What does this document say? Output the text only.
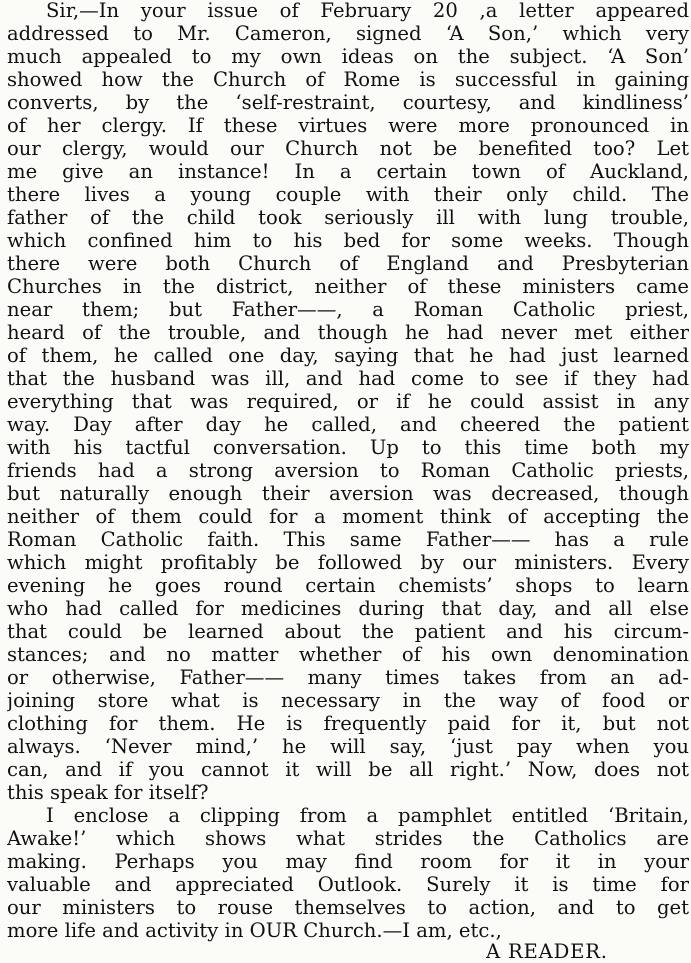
Sir,—In your issue of February 20 ,a letter appeared
addressed to Mr. Cameron, signed ‘A Son,’ which very
much appealed to my own ideas on the subject. ‘A Son’
showed how the Church of Rome is successful in gaining
converts, by the ‘self-restraint, courtesy, and kindliness’
of her clergy. If these virtues were more pronounced in
our clergy, would our Church not be benefited too? Let
me give an instance! In a certain town of Auckland,
there lives a young couple with their only child. The
father of the child took seriously ill with lung trouble,
which confined him to his bed for some weeks. Though
there were both Church of England and Presbyterian
Churches in the district, neither of these ministers came
near them; but Father——, a Roman Catholic priest,
heard of the trouble, and though he had never met either
of them, he called one day, saying that he had just learned
that the husband was ill, and had come to see if they had
everything that was required, or if he could assist in any
way. Day after day he called, and cheered the patient
with his tactful conversation. Up to this time both my
friends had a strong aversion to Roman Catholic priests,
but naturally enough their aversion was decreased, though
neither of them could for a moment think of accepting the
Roman Catholic faith. This same Father—— has a rule
which might profitably be followed by our ministers. Every
evening he goes round certain chemists’ shops to learn
who had called for medicines during that day, and all else
that could be learned about the patient and his circum-
stances; and no matter whether of his own denomination
or otherwise, Father—— many times takes from an ad-
joining store what is necessary in the way of food or
clothing for them. He is frequently paid for it, but not
always. ‘Never mind,’ he will say, ‘just pay when you
can, and if you cannot it will be all right.’ Now, does not
this speak for itself?
I enclose a clipping from a pamphlet entitled ‘Britain,
Awake!’ which shows what strides the Catholics are
making. Perhaps you may find room for it in your
valuable and appreciated Outlook. Surely it is time for
our ministers to rouse themselves to action, and to get
more life and activity in OUR Church.—I am, etc.,
A READER.
